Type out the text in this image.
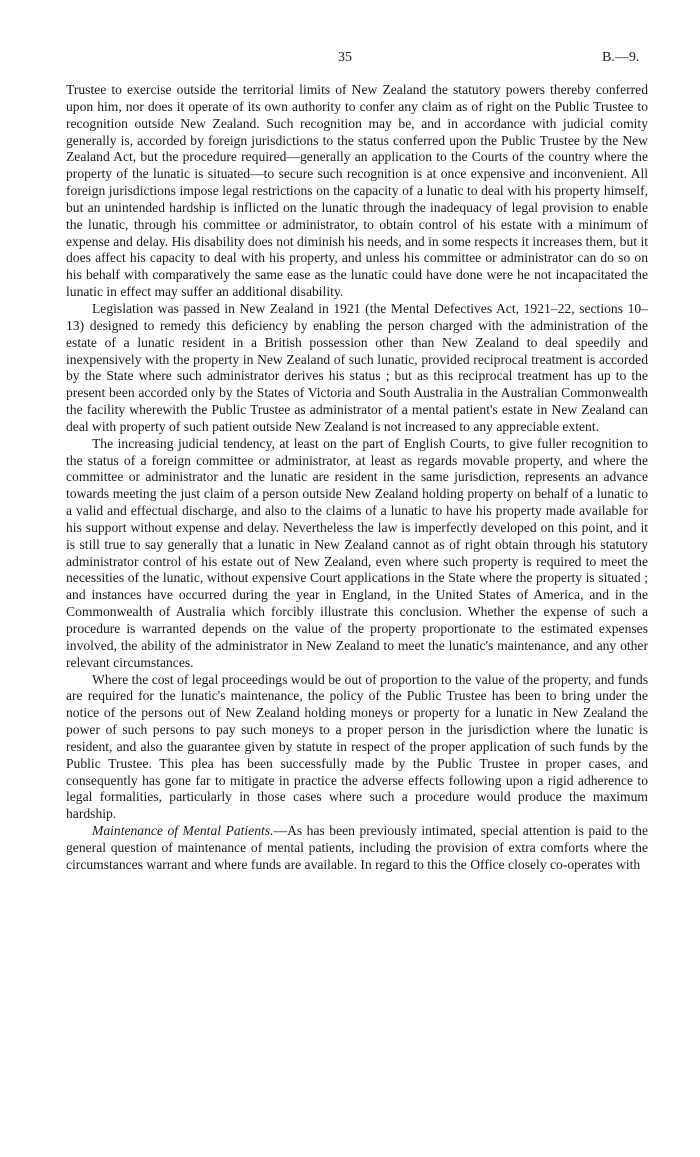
35	B.—9.

Trustee to exercise outside the territorial limits of New Zealand the statutory powers thereby conferred upon him, nor does it operate of its own authority to confer any claim as of right on the Public Trustee to recognition outside New Zealand. Such recognition may be, and in accordance with judicial comity generally is, accorded by foreign jurisdictions to the status conferred upon the Public Trustee by the New Zealand Act, but the procedure required—generally an application to the Courts of the country where the property of the lunatic is situated—to secure such recognition is at once expensive and inconvenient. All foreign jurisdictions impose legal restrictions on the capacity of a lunatic to deal with his property himself, but an unintended hardship is inflicted on the lunatic through the inadequacy of legal provision to enable the lunatic, through his committee or administrator, to obtain control of his estate with a minimum of expense and delay. His disability does not diminish his needs, and in some respects it increases them, but it does affect his capacity to deal with his property, and unless his committee or administrator can do so on his behalf with comparatively the same ease as the lunatic could have done were he not incapacitated the lunatic in effect may suffer an additional disability.

Legislation was passed in New Zealand in 1921 (the Mental Defectives Act, 1921–22, sections 10–13) designed to remedy this deficiency by enabling the person charged with the administration of the estate of a lunatic resident in a British possession other than New Zealand to deal speedily and inexpensively with the property in New Zealand of such lunatic, provided reciprocal treatment is accorded by the State where such administrator derives his status ; but as this reciprocal treatment has up to the present been accorded only by the States of Victoria and South Australia in the Australian Commonwealth the facility wherewith the Public Trustee as administrator of a mental patient's estate in New Zealand can deal with property of such patient outside New Zealand is not increased to any appreciable extent.

The increasing judicial tendency, at least on the part of English Courts, to give fuller recognition to the status of a foreign committee or administrator, at least as regards movable property, and where the committee or administrator and the lunatic are resident in the same jurisdiction, represents an advance towards meeting the just claim of a person outside New Zealand holding property on behalf of a lunatic to a valid and effectual discharge, and also to the claims of a lunatic to have his property made available for his support without expense and delay. Nevertheless the law is imperfectly developed on this point, and it is still true to say generally that a lunatic in New Zealand cannot as of right obtain through his statutory administrator control of his estate out of New Zealand, even where such property is required to meet the necessities of the lunatic, without expensive Court applications in the State where the property is situated ; and instances have occurred during the year in England, in the United States of America, and in the Commonwealth of Australia which forcibly illustrate this conclusion. Whether the expense of such a procedure is warranted depends on the value of the property proportionate to the estimated expenses involved, the ability of the administrator in New Zealand to meet the lunatic's maintenance, and any other relevant circumstances.

Where the cost of legal proceedings would be out of proportion to the value of the property, and funds are required for the lunatic's maintenance, the policy of the Public Trustee has been to bring under the notice of the persons out of New Zealand holding moneys or property for a lunatic in New Zealand the power of such persons to pay such moneys to a proper person in the jurisdiction where the lunatic is resident, and also the guarantee given by statute in respect of the proper application of such funds by the Public Trustee. This plea has been successfully made by the Public Trustee in proper cases, and consequently has gone far to mitigate in practice the adverse effects following upon a rigid adherence to legal formalities, particularly in those cases where such a procedure would produce the maximum hardship.

Maintenance of Mental Patients.—As has been previously intimated, special attention is paid to the general question of maintenance of mental patients, including the provision of extra comforts where the circumstances warrant and where funds are available. In regard to this the Office closely co-operates with
